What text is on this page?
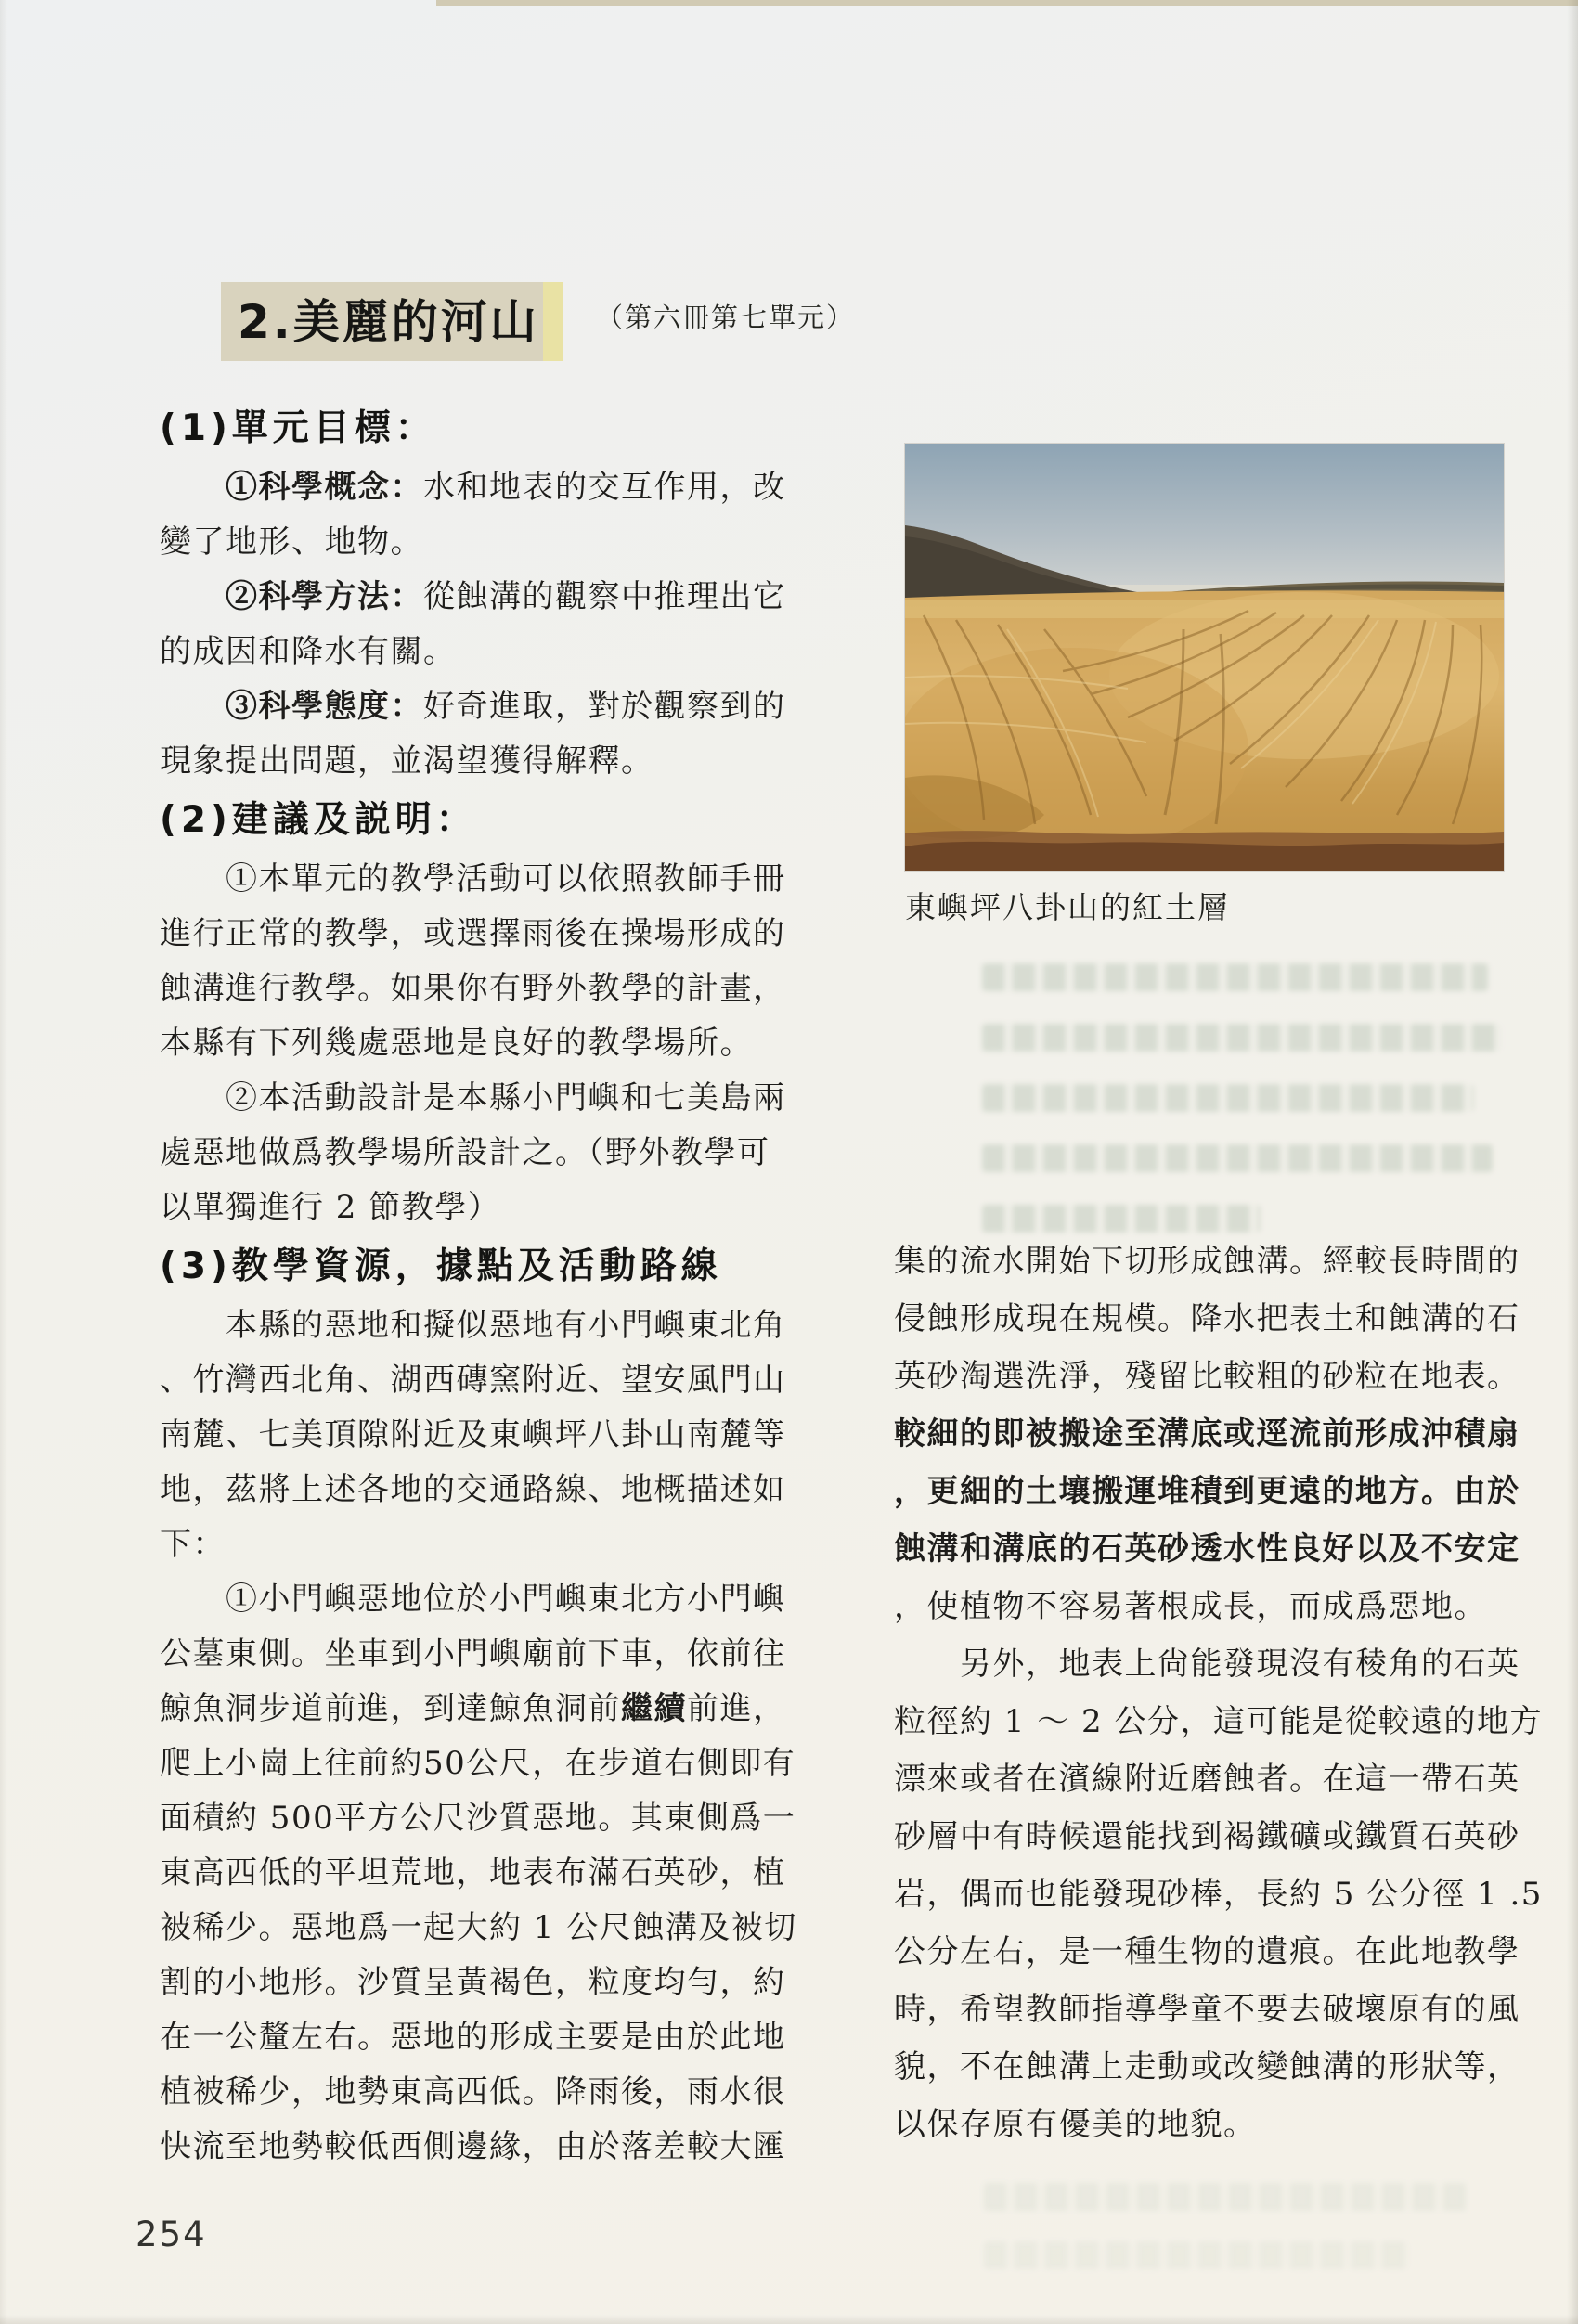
2.美麗的河山	（第六冊第七單元）
東嶼坪八卦山的紅土層
(1)單元目標：
　　①科學概念：水和地表的交互作用，改
變了地形、地物。
　　②科學方法：從蝕溝的觀察中推理出它
的成因和降水有關。
　　③科學態度：好奇進取，對於觀察到的
現象提出問題，並渴望獲得解釋。
(2)建議及説明：
　　①本單元的教學活動可以依照教師手冊
進行正常的教學，或選擇雨後在操場形成的
蝕溝進行教學。如果你有野外教學的計畫，
本縣有下列幾處惡地是良好的教學場所。
　　②本活動設計是本縣小門嶼和七美島兩
處惡地做爲教學場所設計之。（野外教學可
以單獨進行 2 節教學）
(3)教學資源，據點及活動路線
　　本縣的惡地和擬似惡地有小門嶼東北角
、竹灣西北角、湖西磚窯附近、望安風門山
南麓、七美頂隙附近及東嶼坪八卦山南麓等
地，茲將上述各地的交通路線、地概描述如
下：
　　①小門嶼惡地位於小門嶼東北方小門嶼
公墓東側。坐車到小門嶼廟前下車，依前往
鯨魚洞步道前進，到達鯨魚洞前繼續前進，
爬上小崗上往前約50公尺，在步道右側即有
面積約 500平方公尺沙質惡地。其東側爲一
東高西低的平坦荒地，地表布滿石英砂，植
被稀少。惡地爲一起大約 1 公尺蝕溝及被切
割的小地形。沙質呈黃褐色，粒度均勻，約
在一公釐左右。惡地的形成主要是由於此地
植被稀少，地勢東高西低。降雨後，雨水很
快流至地勢較低西側邊緣，由於落差較大匯
集的流水開始下切形成蝕溝。經較長時間的
侵蝕形成現在規模。降水把表土和蝕溝的石
英砂淘選洗淨，殘留比較粗的砂粒在地表。
較細的即被搬途至溝底或逕流前形成沖積扇
，更細的土壤搬運堆積到更遠的地方。由於
蝕溝和溝底的石英砂透水性良好以及不安定
，使植物不容易著根成長，而成爲惡地。
　　另外，地表上尙能發現沒有稜角的石英
粒徑約 1 ～ 2 公分，這可能是從較遠的地方
漂來或者在濱線附近磨蝕者。在這一帶石英
砂層中有時候還能找到褐鐵礦或鐵質石英砂
岩，偶而也能發現砂棒，長約 5 公分徑 1 .5
公分左右，是一種生物的遺痕。在此地教學
時，希望教師指導學童不要去破壞原有的風
貌，不在蝕溝上走動或改變蝕溝的形狀等，
以保存原有優美的地貌。
254
